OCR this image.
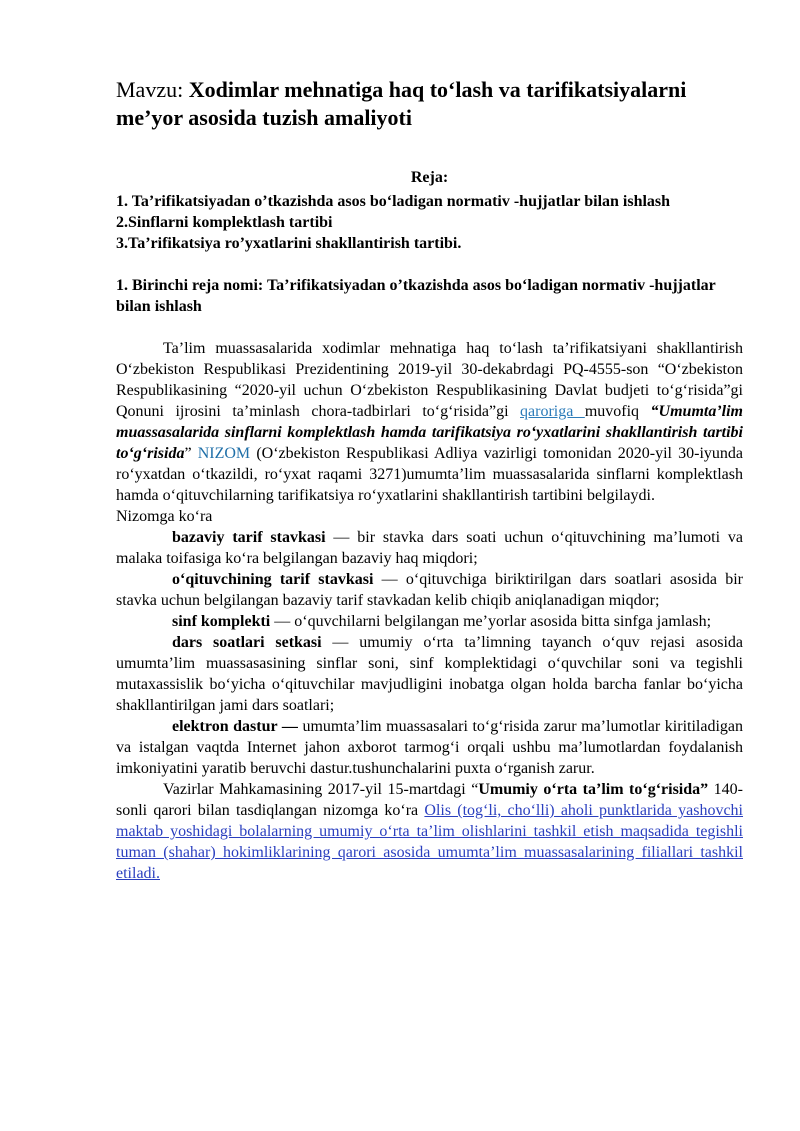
Mavzu: Xodimlar mehnatiga haq to‘lash va tarifikatsiyalarni me’yor asosida tuzish amaliyoti
Reja:
1. Ta’rifikatsiyadan o’tkazishda asos bo‘ladigan normativ -hujjatlar bilan ishlash
2.Sinflarni komplektlash tartibi
3.Ta’rifikatsiya ro’yxatlarini shakllantirish tartibi.
1. Birinchi reja nomi: Ta’rifikatsiyadan o’tkazishda asos bo‘ladigan normativ -hujjatlar bilan ishlash

Ta’lim muassasalarida xodimlar mehnatiga haq to‘lash ta’rifikatsiyani shakllantirish O‘zbekiston Respublikasi Prezidentining 2019-yil 30-dekabrdagi PQ-4555-son “O‘zbekiston Respublikasining “2020-yil uchun O‘zbekiston Respublikasining Davlat budjeti to‘g‘risida”gi Qonuni ijrosini ta’minlash chora-tadbirlari to‘g‘risida”gi qaroriga muvofiq “Umumta’lim muassasalarida sinflarni komplektlash hamda tarifikatsiya ro‘yxatlarini shakllantirish tartibi to‘g‘risida” NIZOM (O‘zbekiston Respublikasi Adliya vazirligi tomonidan 2020-yil 30-iyunda ro‘yxatdan o‘tkazildi, ro‘yxat raqami 3271)umumta’lim muassasalarida sinflarni komplektlash hamda o‘qituvchilarning tarifikatsiya ro‘yxatlarini shakllantirish tartibini belgilaydi.

Nizomga ko‘ra

bazaviy tarif stavkasi — bir stavka dars soati uchun o‘qituvchining ma’lumoti va malaka toifasiga ko‘ra belgilangan bazaviy haq miqdori;

o‘qituvchining tarif stavkasi — o‘qituvchiga biriktirilgan dars soatlari asosida bir stavka uchun belgilangan bazaviy tarif stavkadan kelib chiqib aniqlanadigan miqdor;

sinf komplekti — o‘quvchilarni belgilangan me’yorlar asosida bitta sinfga jamlash;

dars soatlari setkasi — umumiy o‘rta ta’limning tayanch o‘quv rejasi asosida umumta’lim muassasasining sinflar soni, sinf komplektidagi o‘quvchilar soni va tegishli mutaxassislik bo‘yicha o‘qituvchilar mavjudligini inobatga olgan holda barcha fanlar bo‘yicha shakllantirilgan jami dars soatlari;

elektron dastur — umumta’lim muassasalari to‘g‘risida zarur ma’lumotlar kiritiladigan va istalgan vaqtda Internet jahon axborot tarmog‘i orqali ushbu ma’lumotlardan foydalanish imkoniyatini yaratib beruvchi dastur.tushunchalarini puxta o‘rganish zarur.

Vazirlar Mahkamasining 2017-yil 15-martdagi “Umumiy o‘rta ta’lim to‘g‘risida” 140- sonli qarori bilan tasdiqlangan nizomga ko‘ra Olis (tog‘li, cho‘lli) aholi punktlarida yashovchi maktab yoshidagi bolalarning umumiy o‘rta ta’lim olishlarini tashkil etish maqsadida tegishli tuman (shahar) hokimliklarining qarori asosida umumta’lim muassasalarining filiallari tashkil etiladi.
